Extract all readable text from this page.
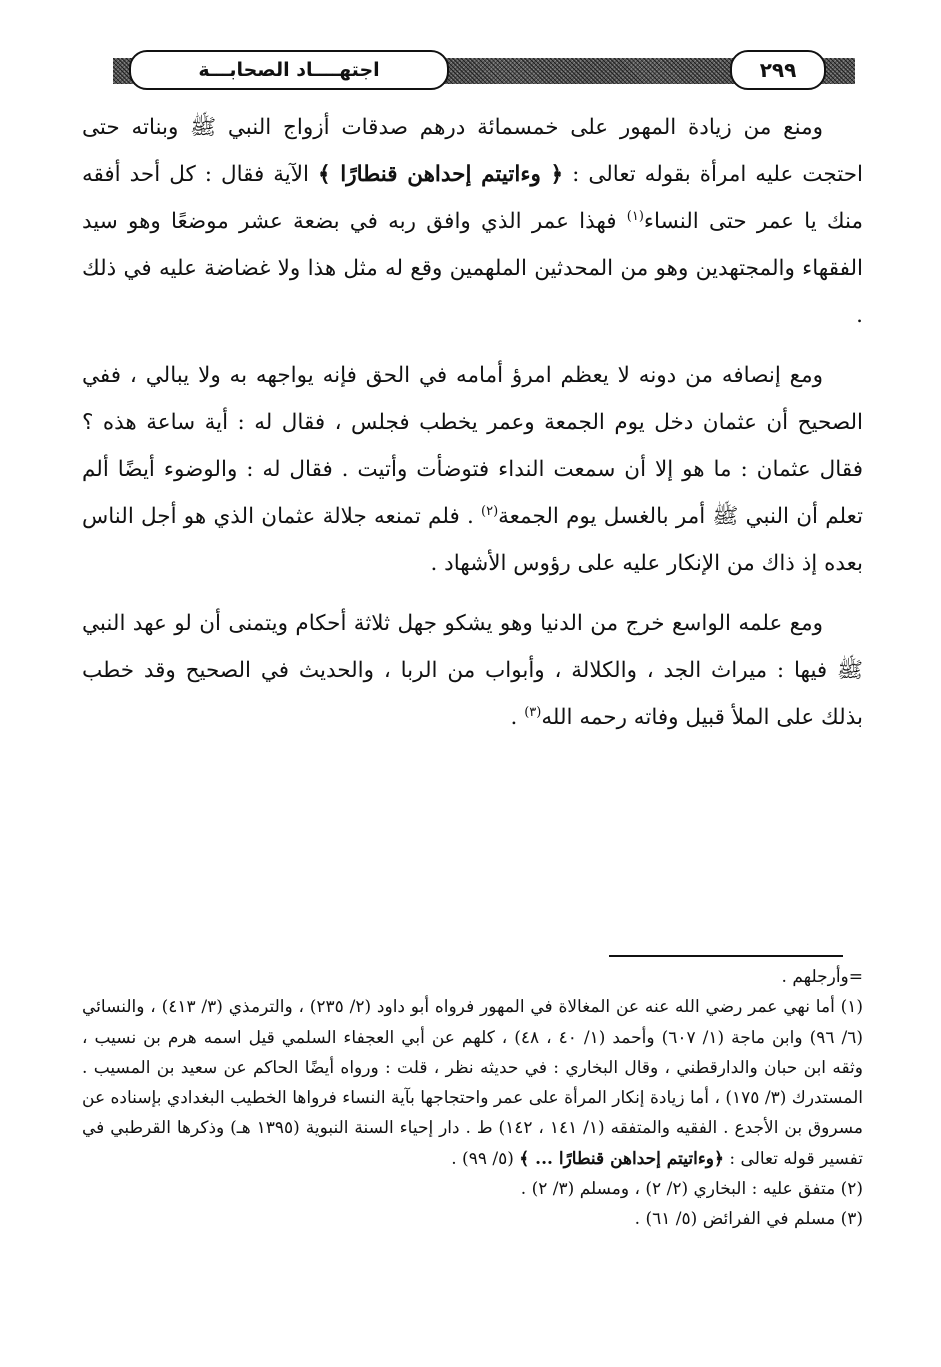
اجتهــــاد الصحابـــة	٢٩٩

ومنع من زيادة المهور على خمسمائة درهم صدقات أزواج النبي ﷺ وبناته حتى احتجت عليه امرأة بقوله تعالى : ﴿ وءاتيتم إحداهن قنطارًا ﴾ الآية فقال : كل أحد أفقه منك يا عمر حتى النساء$^{(١)}$ فهذا عمر الذي وافق ربه في بضعة عشر موضعًا وهو سيد الفقهاء والمجتهدين وهو من المحدثين الملهمين وقع له مثل هذا ولا غضاضة عليه في ذلك .

ومع إنصافه من دونه لا يعظم امرؤ أمامه في الحق فإنه يواجهه به ولا يبالي ، ففي الصحيح أن عثمان دخل يوم الجمعة وعمر يخطب فجلس ، فقال له : أية ساعة هذه ؟ فقال عثمان : ما هو إلا أن سمعت النداء فتوضأت وأتيت . فقال له : والوضوء أيضًا ألم تعلم أن النبي ﷺ أمر بالغسل يوم الجمعة$^{(٢)}$ . فلم تمنعه جلالة عثمان الذي هو أجل الناس بعده إذ ذاك من الإنكار عليه على رؤوس الأشهاد .

ومع علمه الواسع خرج من الدنيا وهو يشكو جهل ثلاثة أحكام ويتمنى أن لو عهد النبي ﷺ فيها : ميراث الجد ، والكلالة ، وأبواب من الربا ، والحديث في الصحيح وقد خطب بذلك على الملأ قبيل وفاته رحمه الله$^{(٣)}$ .

=وأرجلهم .

(١) أما نهي عمر رضي الله عنه عن المغالاة في المهور فرواه أبو داود (٢/ ٢٣٥) ، والترمذي (٣/ ٤١٣) ، والنسائي (٦/ ٩٦) وابن ماجة (١/ ٦٠٧) وأحمد (١/ ٤٠ ، ٤٨) ، كلهم عن أبي العجفاء السلمي قيل اسمه هرم بن نسيب ، وثقه ابن حبان والدارقطني ، وقال البخاري : في حديثه نظر ، قلت : ورواه أيضًا الحاكم عن سعيد بن المسيب . المستدرك (٣/ ١٧٥) ، أما زيادة إنكار المرأة على عمر واحتجاجها بآية النساء فرواها الخطيب البغدادي بإسناده عن مسروق بن الأجدع . الفقيه والمتفقه (١/ ١٤١ ، ١٤٢) ط . دار إحياء السنة النبوية (١٣٩٥ هـ) وذكرها القرطبي في تفسير قوله تعالى : ﴿وءاتيتم إحداهن قنطارًا ... ﴾ (٥/ ٩٩) .

(٢) متفق عليه : البخاري (٢/ ٢) ، ومسلم (٣/ ٢) .

(٣) مسلم في الفرائض (٥/ ٦١) .
